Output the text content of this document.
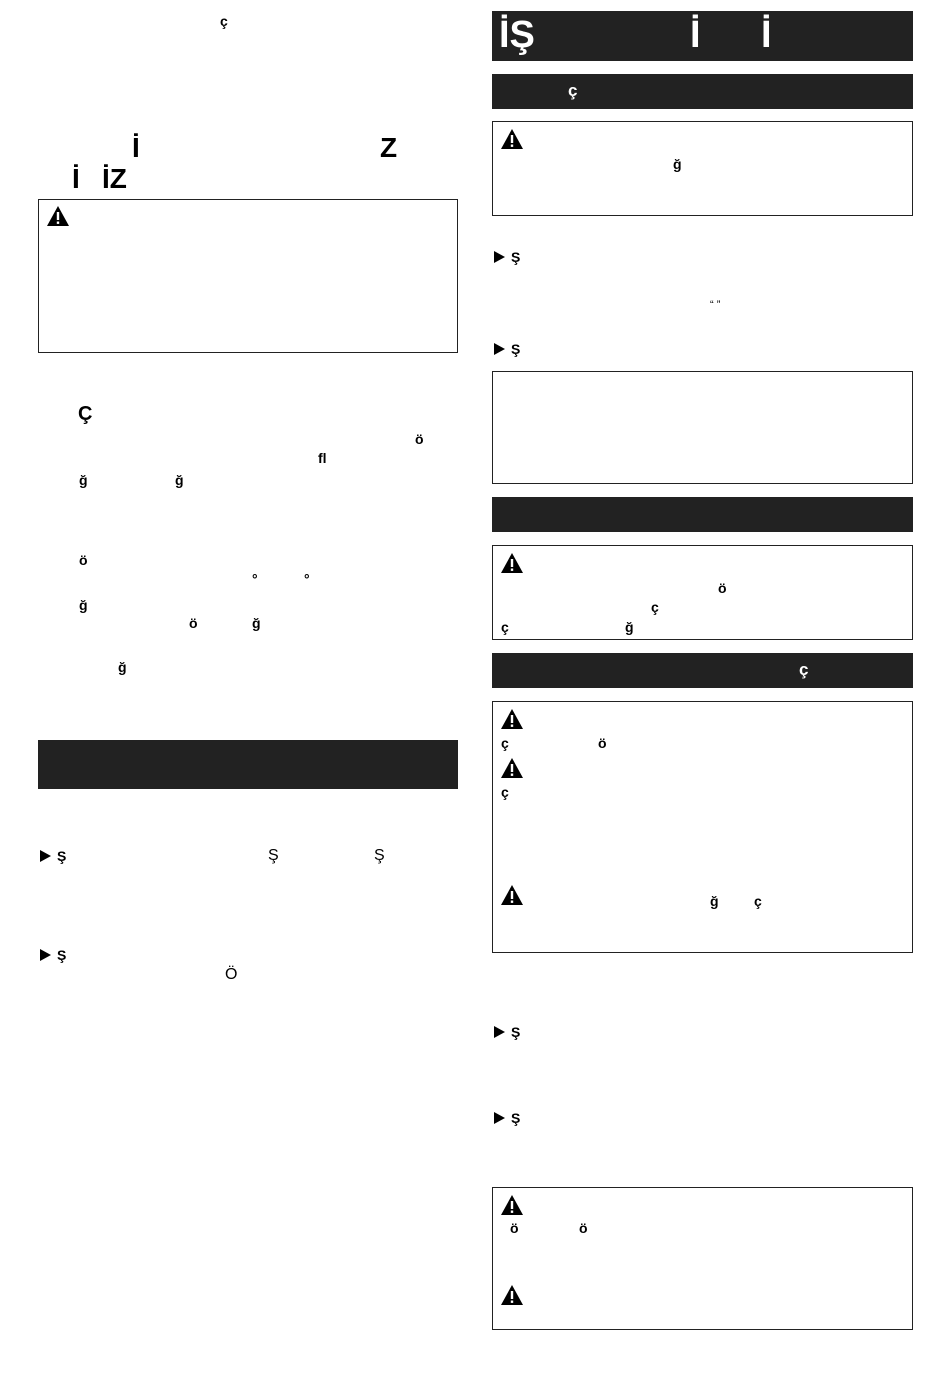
ç
İ	Z
İ İZ
Ç
ö
fl
ğ	ğ
ö
°	°
ğ
ö	ğ
ğ
Ş	Ş	Ş
Ş
Ö
İŞ	İ İ
ç
ğ
Ş
“ ”
Ş
ö
ç
ç	ğ
ç
ç	ö
ç
ğ	ç
Ş
Ş
ö	ö
